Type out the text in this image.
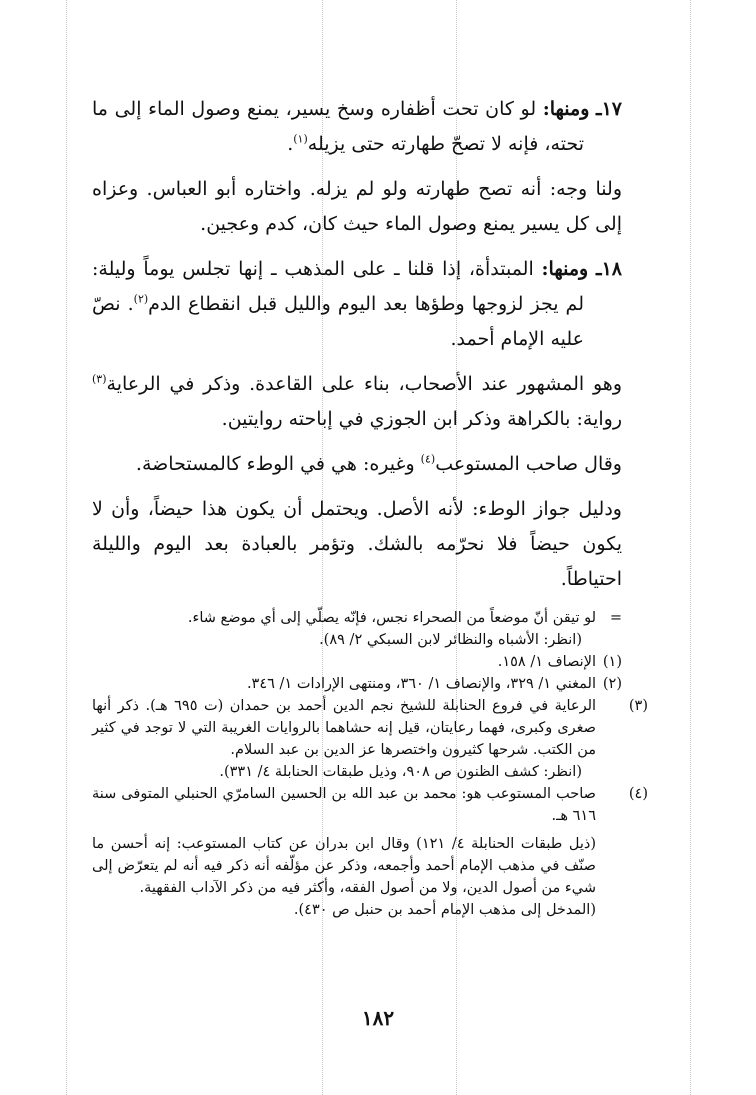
١٧ـ ومنها: لو كان تحت أظفاره وسخ يسير، يمنع وصول الماء إلى ما تحته، فإنه لا تصحّ طهارته حتى يزيله$^{(١)}$.

ولنا وجه: أنه تصح طهارته ولو لم يزله. واختاره أبو العباس. وعزاه إلى كل يسير يمنع وصول الماء حيث كان، كدم وعجين.

١٨ـ ومنها: المبتدأة، إذا قلنا ـ على المذهب ـ إنها تجلس يوماً وليلة: لم يجز لزوجها وطؤها بعد اليوم والليل قبل انقطاع الدم$^{(٢)}$. نصّ عليه الإمام أحمد.

وهو المشهور عند الأصحاب، بناء على القاعدة. وذكر في الرعاية$^{(٣)}$ رواية: بالكراهة وذكر ابن الجوزي في إباحته روايتين.

وقال صاحب المستوعب$^{(٤)}$ وغيره: هي في الوطء كالمستحاضة.

ودليل جواز الوطء: لأنه الأصل. ويحتمل أن يكون هذا حيضاً، وأن لا يكون حيضاً فلا نحرّمه بالشك. وتؤمر بالعبادة بعد اليوم والليلة احتياطاً.

=لو تيقن أنّ موضعاً من الصحراء نجس، فإنّه يصلّي إلى أي موضع شاء.

(انظر: الأشباه والنظائر لابن السبكي ٢/ ٨٩).

(١)الإنصاف ١/ ١٥٨.

(٢)المغني ١/ ٣٢٩، والإنصاف ١/ ٣٦٠، ومنتهى الإرادات ١/ ٣٤٦.

(٣)الرعاية في فروع الحنابلة للشيخ نجم الدين أحمد بن حمدان (ت ٦٩٥ هـ). ذكر أنها صغرى وكبرى، فهما رعايتان، قيل إنه حشاهما بالروايات الغريبة التي لا توجد في كثير من الكتب. شرحها كثيرون واختصرها عز الدين بن عبد السلام.

(انظر: كشف الظنون ص ٩٠٨، وذيل طبقات الحنابلة ٤/ ٣٣١).

(٤)صاحب المستوعب هو: محمد بن عبد الله بن الحسين السامرّي الحنبلي المتوفى سنة ٦١٦ هـ.

(ذيل طبقات الحنابلة ٤/ ١٢١) وقال ابن بدران عن كتاب المستوعب: إنه أحسن ما صنّف في مذهب الإمام أحمد وأجمعه، وذكر عن مؤلّفه أنه ذكر فيه أنه لم يتعرّض إلى شيء من أصول الدين، ولا من أصول الفقه، وأكثر فيه من ذكر الآداب الفقهية.

(المدخل إلى مذهب الإمام أحمد بن حنبل ص ٤٣٠).

١٨٢
